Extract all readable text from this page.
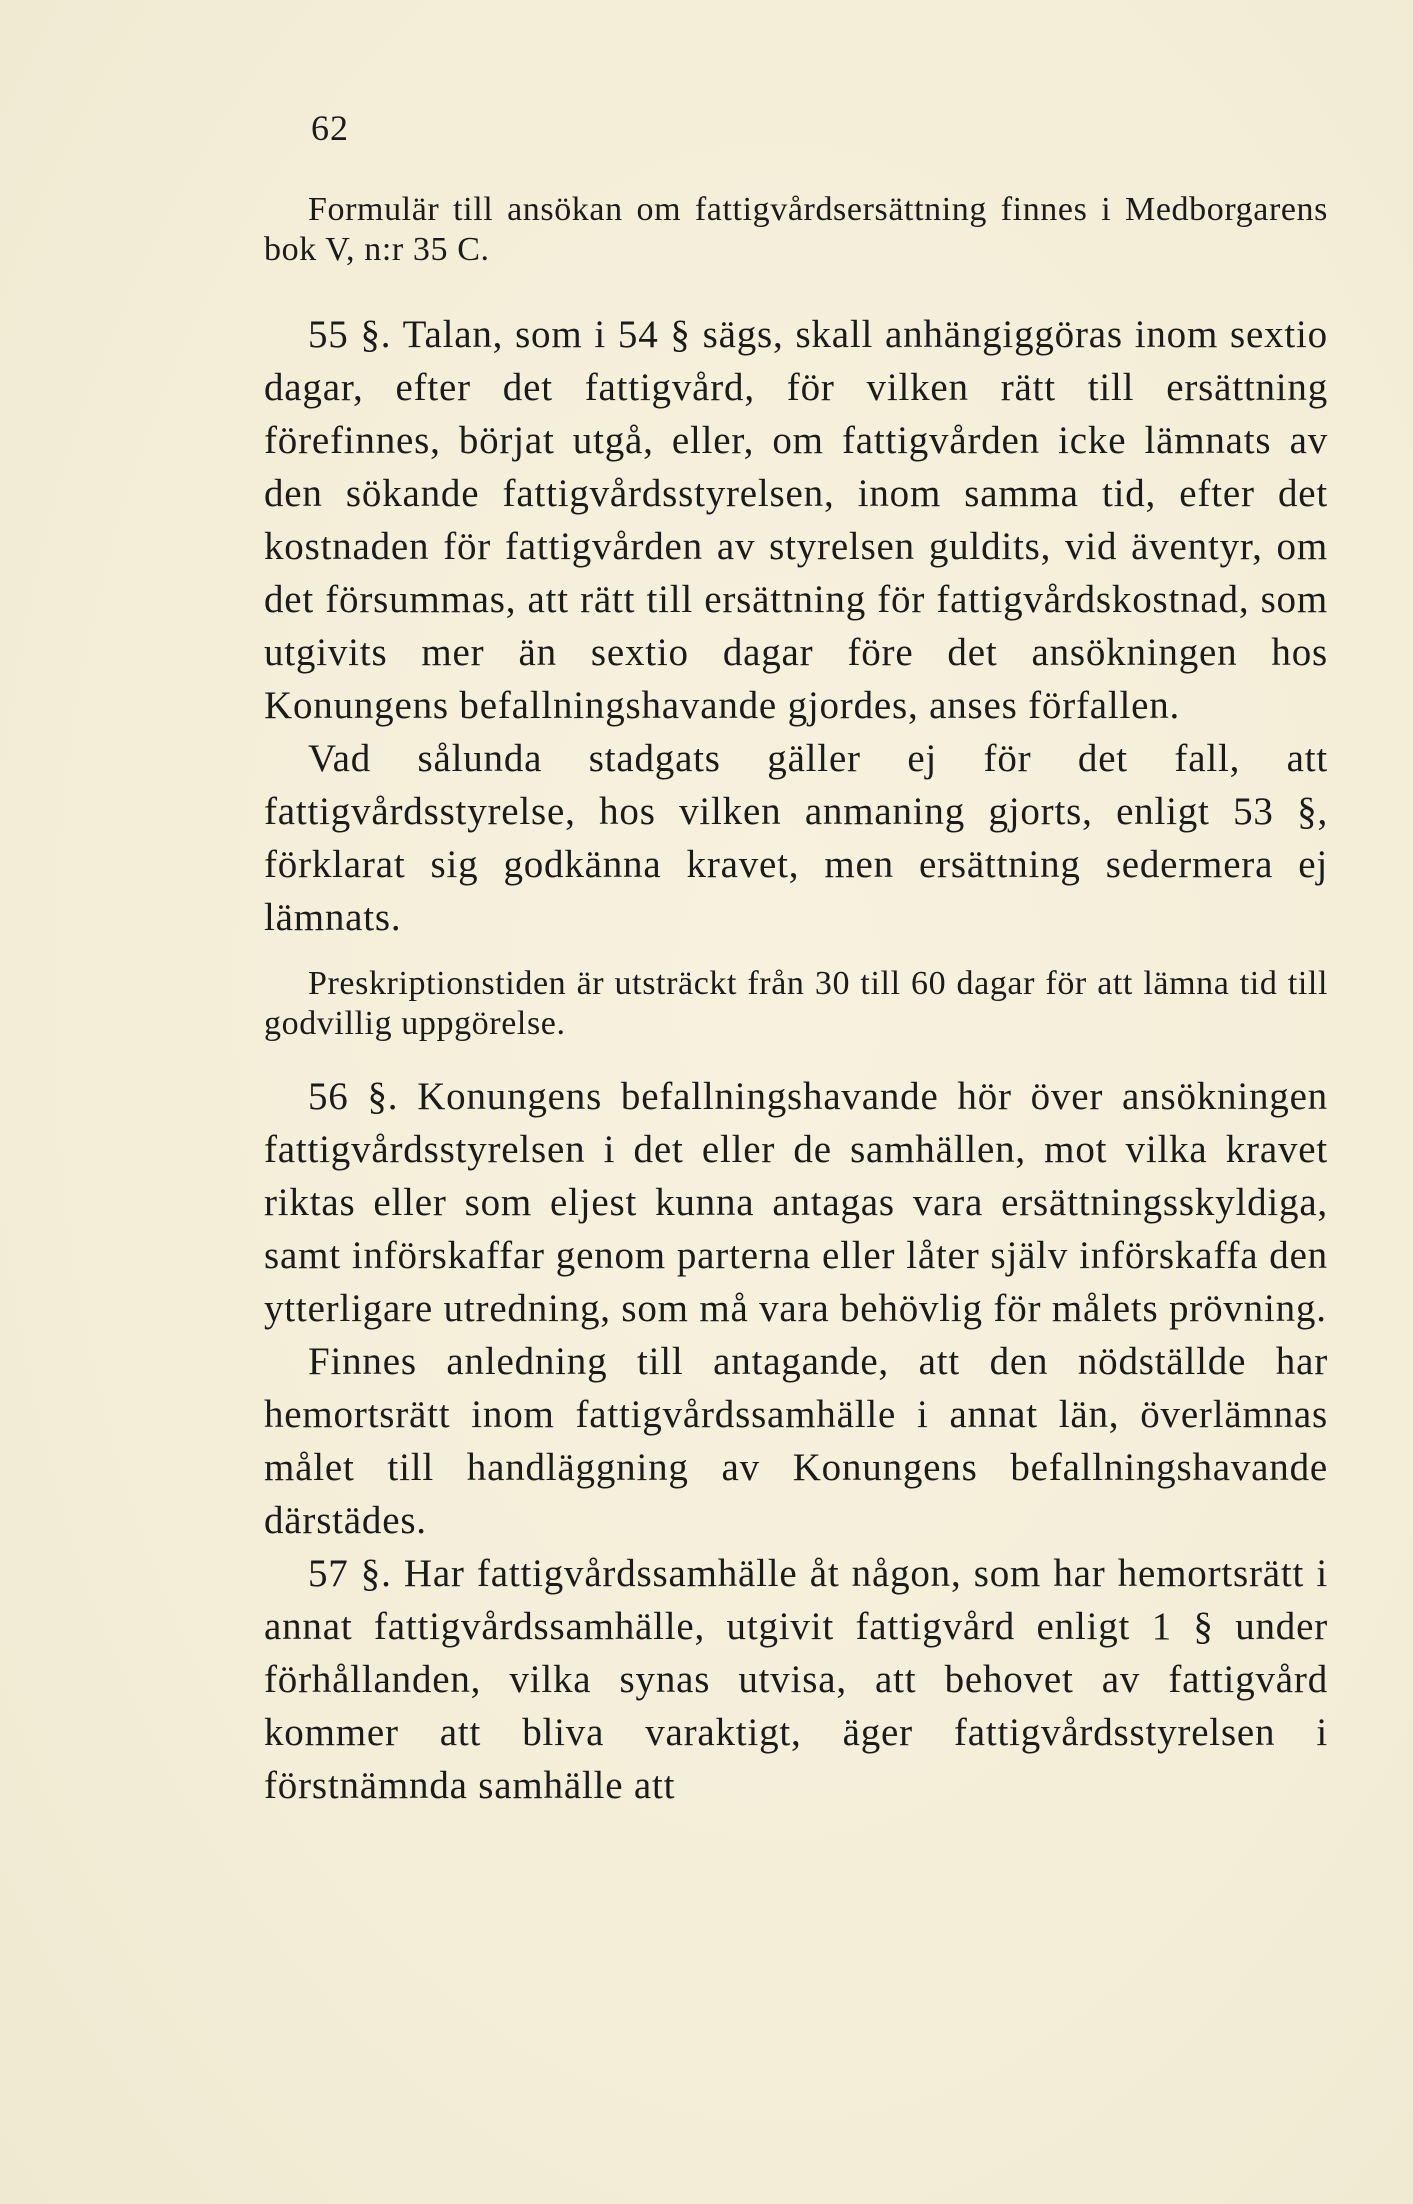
62

Formulär till ansökan om fattigvårdsersättning finnes i Medborgarens bok V, n:r 35 C.

55 §. Talan, som i 54 § sägs, skall anhängiggöras inom sextio dagar, efter det fattigvård, för vilken rätt till ersättning förefinnes, börjat utgå, eller, om fattigvården icke lämnats av den sökande fattigvårdsstyrelsen, inom samma tid, efter det kostnaden för fattigvården av styrelsen guldits, vid äventyr, om det försummas, att rätt till ersättning för fattigvårdskostnad, som utgivits mer än sextio dagar före det ansökningen hos Konungens befallningshavande gjordes, anses förfallen.

Vad sålunda stadgats gäller ej för det fall, att fattigvårdsstyrelse, hos vilken anmaning gjorts, enligt 53 §, förklarat sig godkänna kravet, men ersättning sedermera ej lämnats.

Preskriptionstiden är utsträckt från 30 till 60 dagar för att lämna tid till godvillig uppgörelse.

56 §. Konungens befallningshavande hör över ansökningen fattigvårdsstyrelsen i det eller de samhällen, mot vilka kravet riktas eller som eljest kunna antagas vara ersättningsskyldiga, samt införskaffar genom parterna eller låter själv införskaffa den ytterligare utredning, som må vara behövlig för målets prövning.

Finnes anledning till antagande, att den nödställde har hemortsrätt inom fattigvårdssamhälle i annat län, överlämnas målet till handläggning av Konungens befallningshavande därstädes.

57 §. Har fattigvårdssamhälle åt någon, som har hemortsrätt i annat fattigvårdssamhälle, utgivit fattigvård enligt 1 § under förhållanden, vilka synas utvisa, att behovet av fattigvård kommer att bliva varaktigt, äger fattigvårdsstyrelsen i förstnämnda samhälle att
